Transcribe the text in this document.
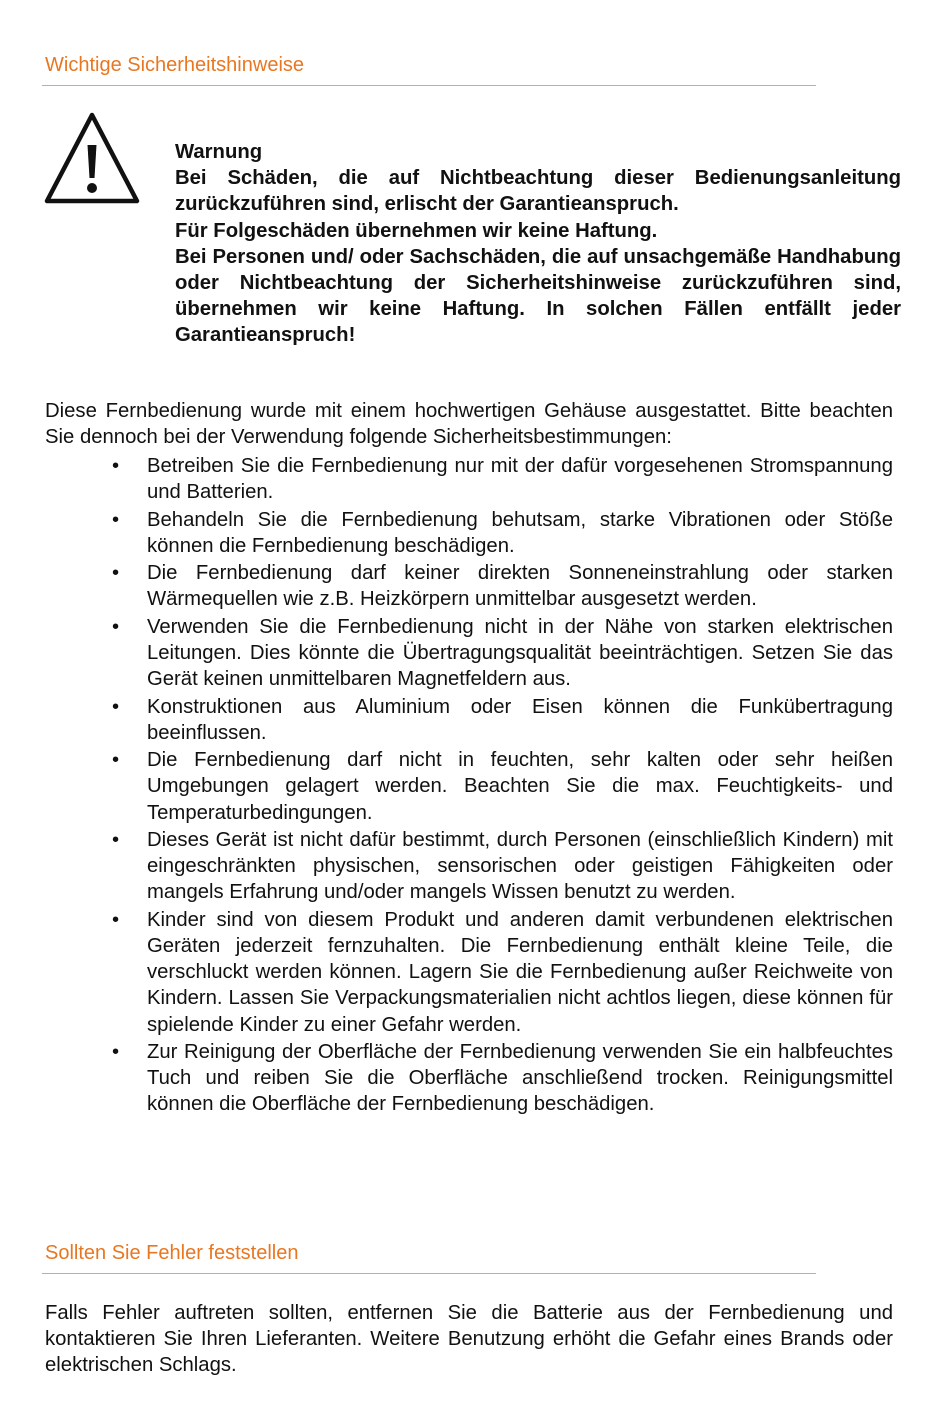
Wichtige Sicherheitshinweise

Warnung

Bei Schäden, die auf Nichtbeachtung dieser Bedienungsanleitung zurückzuführen sind, erlischt der Garantieanspruch.

Für Folgeschäden übernehmen wir keine Haftung.

Bei Personen und/ oder Sachschäden, die auf unsachgemäße Handhabung oder Nichtbeachtung der Sicherheitshinweise zurückzuführen sind, übernehmen wir keine Haftung. In solchen Fällen entfällt jeder Garantieanspruch!

Diese Fernbedienung wurde mit einem hochwertigen Gehäuse ausgestattet. Bitte beachten Sie dennoch bei der Verwendung folgende Sicherheitsbestimmungen:

• Betreiben Sie die Fernbedienung nur mit der dafür vorgesehenen Stromspannung und Batterien.
• Behandeln Sie die Fernbedienung behutsam, starke Vibrationen oder Stöße können die Fernbedienung beschädigen.
• Die Fernbedienung darf keiner direkten Sonneneinstrahlung oder starken Wärmequellen wie z.B. Heizkörpern unmittelbar ausgesetzt werden.
• Verwenden Sie die Fernbedienung nicht in der Nähe von starken elektrischen Leitungen. Dies könnte die Übertragungsqualität beeinträchtigen. Setzen Sie das Gerät keinen unmittelbaren Magnetfeldern aus.
• Konstruktionen aus Aluminium oder Eisen können die Funkübertragung beeinflussen.
• Die Fernbedienung darf nicht in feuchten, sehr kalten oder sehr heißen Umgebungen gelagert werden. Beachten Sie die max. Feuchtigkeits- und Temperaturbedingungen.
• Dieses Gerät ist nicht dafür bestimmt, durch Personen (einschließlich Kindern) mit eingeschränkten physischen, sensorischen oder geistigen Fähigkeiten oder mangels Erfahrung und/oder mangels Wissen benutzt zu werden.
• Kinder sind von diesem Produkt und anderen damit verbundenen elektrischen Geräten jederzeit fernzuhalten. Die Fernbedienung enthält kleine Teile, die verschluckt werden können. Lagern Sie die Fernbedienung außer Reichweite von Kindern. Lassen Sie Verpackungsmaterialien nicht achtlos liegen, diese können für spielende Kinder zu einer Gefahr werden.
• Zur Reinigung der Oberfläche der Fernbedienung verwenden Sie ein halbfeuchtes Tuch und reiben Sie die Oberfläche anschließend trocken. Reinigungsmittel können die Oberfläche der Fernbedienung beschädigen.
Sollten Sie Fehler feststellen

Falls Fehler auftreten sollten, entfernen Sie die Batterie aus der Fernbedienung und kontaktieren Sie Ihren Lieferanten. Weitere Benutzung erhöht die Gefahr eines Brands oder elektrischen Schlags.
